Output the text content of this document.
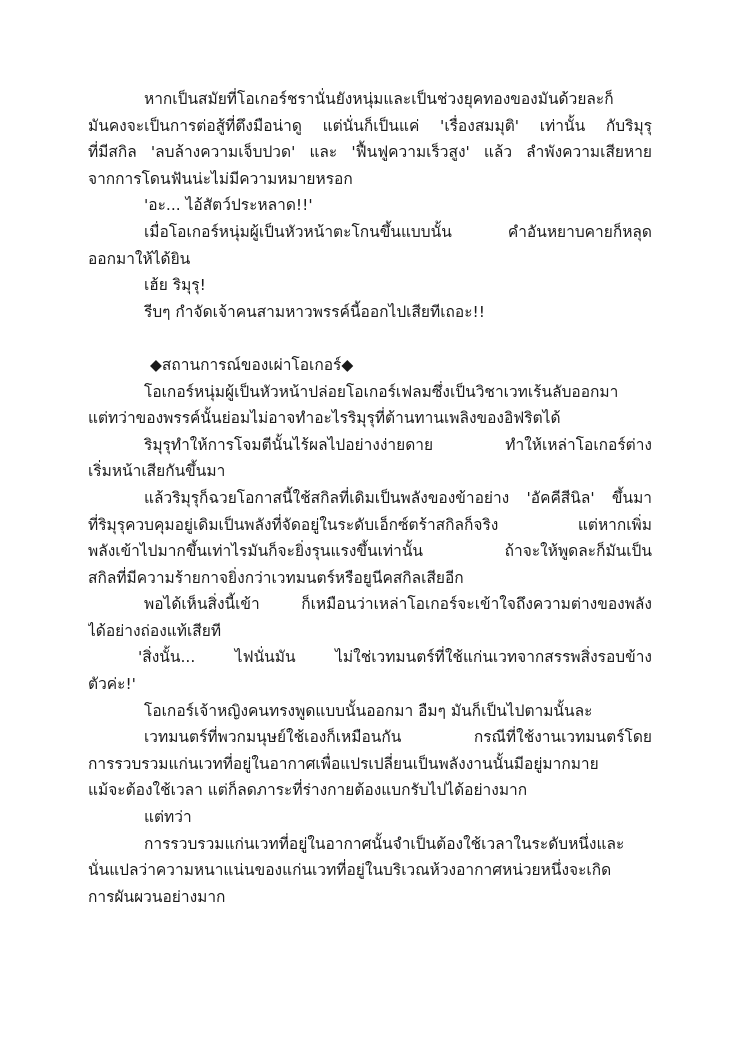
หากเป็นสมัยที่โอเกอร์ชรานั่นยังหนุ่มและเป็นช่วงยุคทองของมันด้วยละก็
มันคงจะเป็นการต่อสู้ที่ตึงมือน่าดู แต่นั่นก็เป็นแค่ 'เรื่องสมมุติ' เท่านั้น กับริมุรุ
ที่มีสกิล 'ลบล้างความเจ็บปวด' และ 'ฟื้นฟูความเร็วสูง' แล้ว ลำพังความเสียหาย
จากการโดนฟันน่ะไม่มีความหมายหรอก
'อะ... ไอ้สัตว์ประหลาด!!'
เมื่อโอเกอร์หนุ่มผู้เป็นหัวหน้าตะโกนขึ้นแบบนั้น คำอันหยาบคายก็หลุด
ออกมาให้ได้ยิน
เฮ้ย ริมุรุ!
รีบๆ กำจัดเจ้าคนสามหาวพรรค์นี้ออกไปเสียทีเถอะ!!
◆สถานการณ์ของเผ่าโอเกอร์◆
โอเกอร์หนุ่มผู้เป็นหัวหน้าปล่อยโอเกอร์เฟลมซึ่งเป็นวิชาเวทเร้นลับออกมา
แต่ทว่าของพรรค์นั้นย่อมไม่อาจทำอะไรริมุรุที่ต้านทานเพลิงของอิฟริตได้
ริมุรุทำให้การโจมตีนั้นไร้ผลไปอย่างง่ายดาย ทำให้เหล่าโอเกอร์ต่าง
เริ่มหน้าเสียกันขึ้นมา
แล้วริมุรุก็ฉวยโอกาสนี้ใช้สกิลที่เดิมเป็นพลังของข้าอย่าง 'อัคคีสีนิล' ขึ้นมา
ที่ริมุรุควบคุมอยู่เดิมเป็นพลังที่จัดอยู่ในระดับเอ็กซ์ตร้าสกิลก็จริง แต่หากเพิ่ม
พลังเข้าไปมากขึ้นเท่าไรมันก็จะยิ่งรุนแรงขึ้นเท่านั้น ถ้าจะให้พูดละก็มันเป็น
สกิลที่มีความร้ายกาจยิ่งกว่าเวทมนตร์หรือยูนีคสกิลเสียอีก
พอได้เห็นสิ่งนี้เข้า ก็เหมือนว่าเหล่าโอเกอร์จะเข้าใจถึงความต่างของพลัง
ได้อย่างถ่องแท้เสียที
'สิ่งนั้น... ไฟนั่นมัน ไม่ใช่เวทมนตร์ที่ใช้แก่นเวทจากสรรพสิ่งรอบข้าง
ตัวค่ะ!'
โอเกอร์เจ้าหญิงคนทรงพูดแบบนั้นออกมา อืมๆ มันก็เป็นไปตามนั้นละ
เวทมนตร์ที่พวกมนุษย์ใช้เองก็เหมือนกัน กรณีที่ใช้งานเวทมนตร์โดย
การรวบรวมแก่นเวทที่อยู่ในอากาศเพื่อแปรเปลี่ยนเป็นพลังงานนั้นมีอยู่มากมาย
แม้จะต้องใช้เวลา แต่ก็ลดภาระที่ร่างกายต้องแบกรับไปได้อย่างมาก
แต่ทว่า
การรวบรวมแก่นเวทที่อยู่ในอากาศนั้นจำเป็นต้องใช้เวลาในระดับหนึ่งและ
นั่นแปลว่าความหนาแน่นของแก่นเวทที่อยู่ในบริเวณห้วงอากาศหน่วยหนึ่งจะเกิด
การผันผวนอย่างมาก
